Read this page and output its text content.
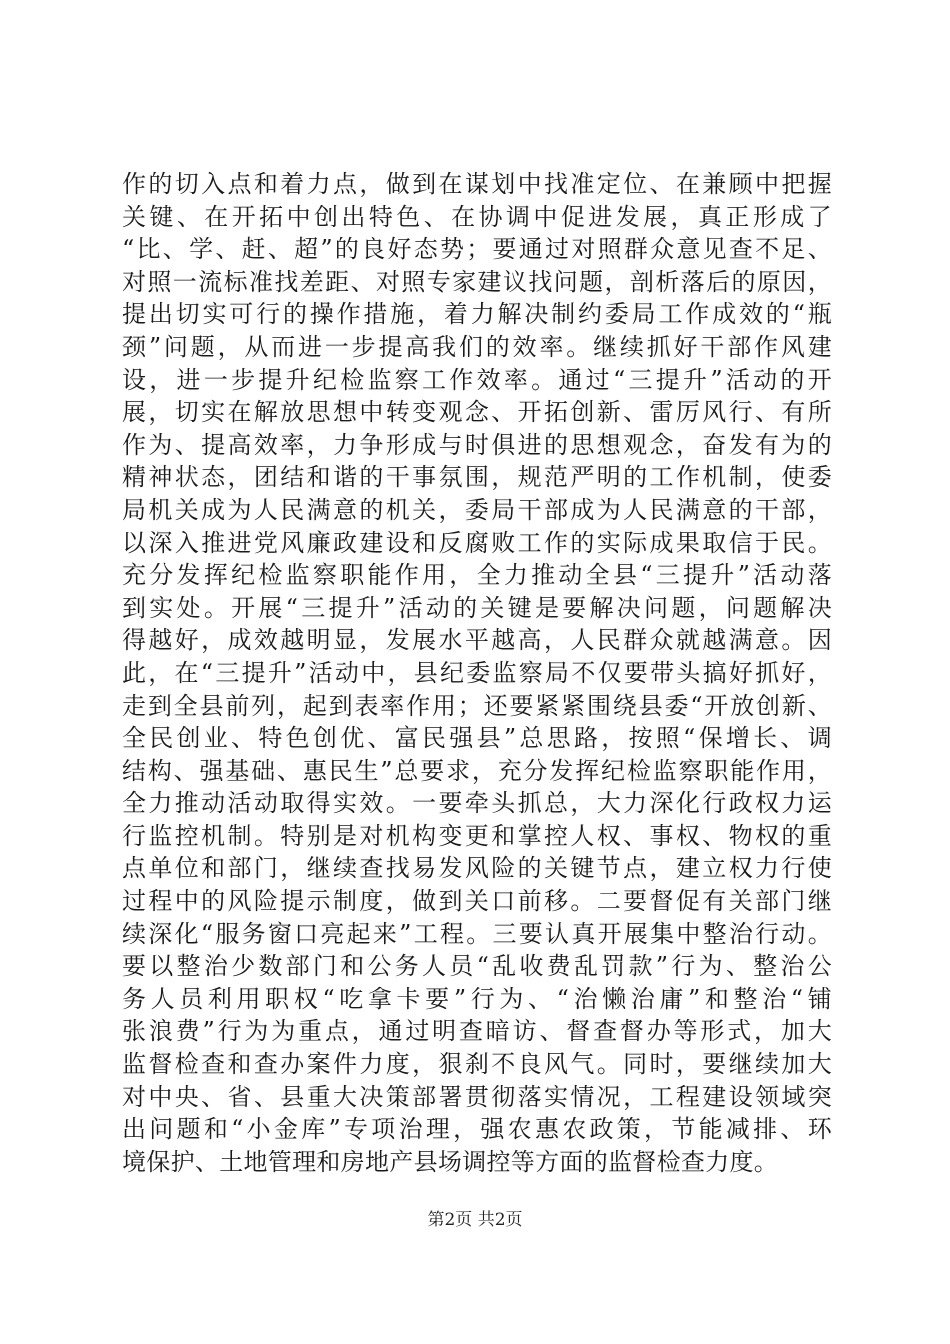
作的切入点和着力点，做到在谋划中找准定位、在兼顾中把握
关键、在开拓中创出特色、在协调中促进发展，真正形成了
“比、学、赶、超”的良好态势；要通过对照群众意见查不足、
对照一流标准找差距、对照专家建议找问题，剖析落后的原因，
提出切实可行的操作措施，着力解决制约委局工作成效的“瓶
颈”问题，从而进一步提高我们的效率。继续抓好干部作风建
设，进一步提升纪检监察工作效率。通过“三提升”活动的开
展，切实在解放思想中转变观念、开拓创新、雷厉风行、有所
作为、提高效率，力争形成与时俱进的思想观念，奋发有为的
精神状态，团结和谐的干事氛围，规范严明的工作机制，使委
局机关成为人民满意的机关，委局干部成为人民满意的干部，
以深入推进党风廉政建设和反腐败工作的实际成果取信于民。
充分发挥纪检监察职能作用，全力推动全县“三提升”活动落
到实处。开展“三提升”活动的关键是要解决问题，问题解决
得越好，成效越明显，发展水平越高，人民群众就越满意。因
此，在“三提升”活动中，县纪委监察局不仅要带头搞好抓好，
走到全县前列，起到表率作用；还要紧紧围绕县委“开放创新、
全民创业、特色创优、富民强县”总思路，按照“保增长、调
结构、强基础、惠民生”总要求，充分发挥纪检监察职能作用，
全力推动活动取得实效。一要牵头抓总，大力深化行政权力运
行监控机制。特别是对机构变更和掌控人权、事权、物权的重
点单位和部门，继续查找易发风险的关键节点，建立权力行使
过程中的风险提示制度，做到关口前移。二要督促有关部门继
续深化“服务窗口亮起来”工程。三要认真开展集中整治行动。
要以整治少数部门和公务人员“乱收费乱罚款”行为、整治公
务人员利用职权“吃拿卡要”行为、“治懒治庸”和整治“铺
张浪费”行为为重点，通过明查暗访、督查督办等形式，加大
监督检查和查办案件力度，狠刹不良风气。同时，要继续加大
对中央、省、县重大决策部署贯彻落实情况，工程建设领域突
出问题和“小金库”专项治理，强农惠农政策，节能减排、环
境保护、土地管理和房地产县场调控等方面的监督检查力度。
第2页 共2页
